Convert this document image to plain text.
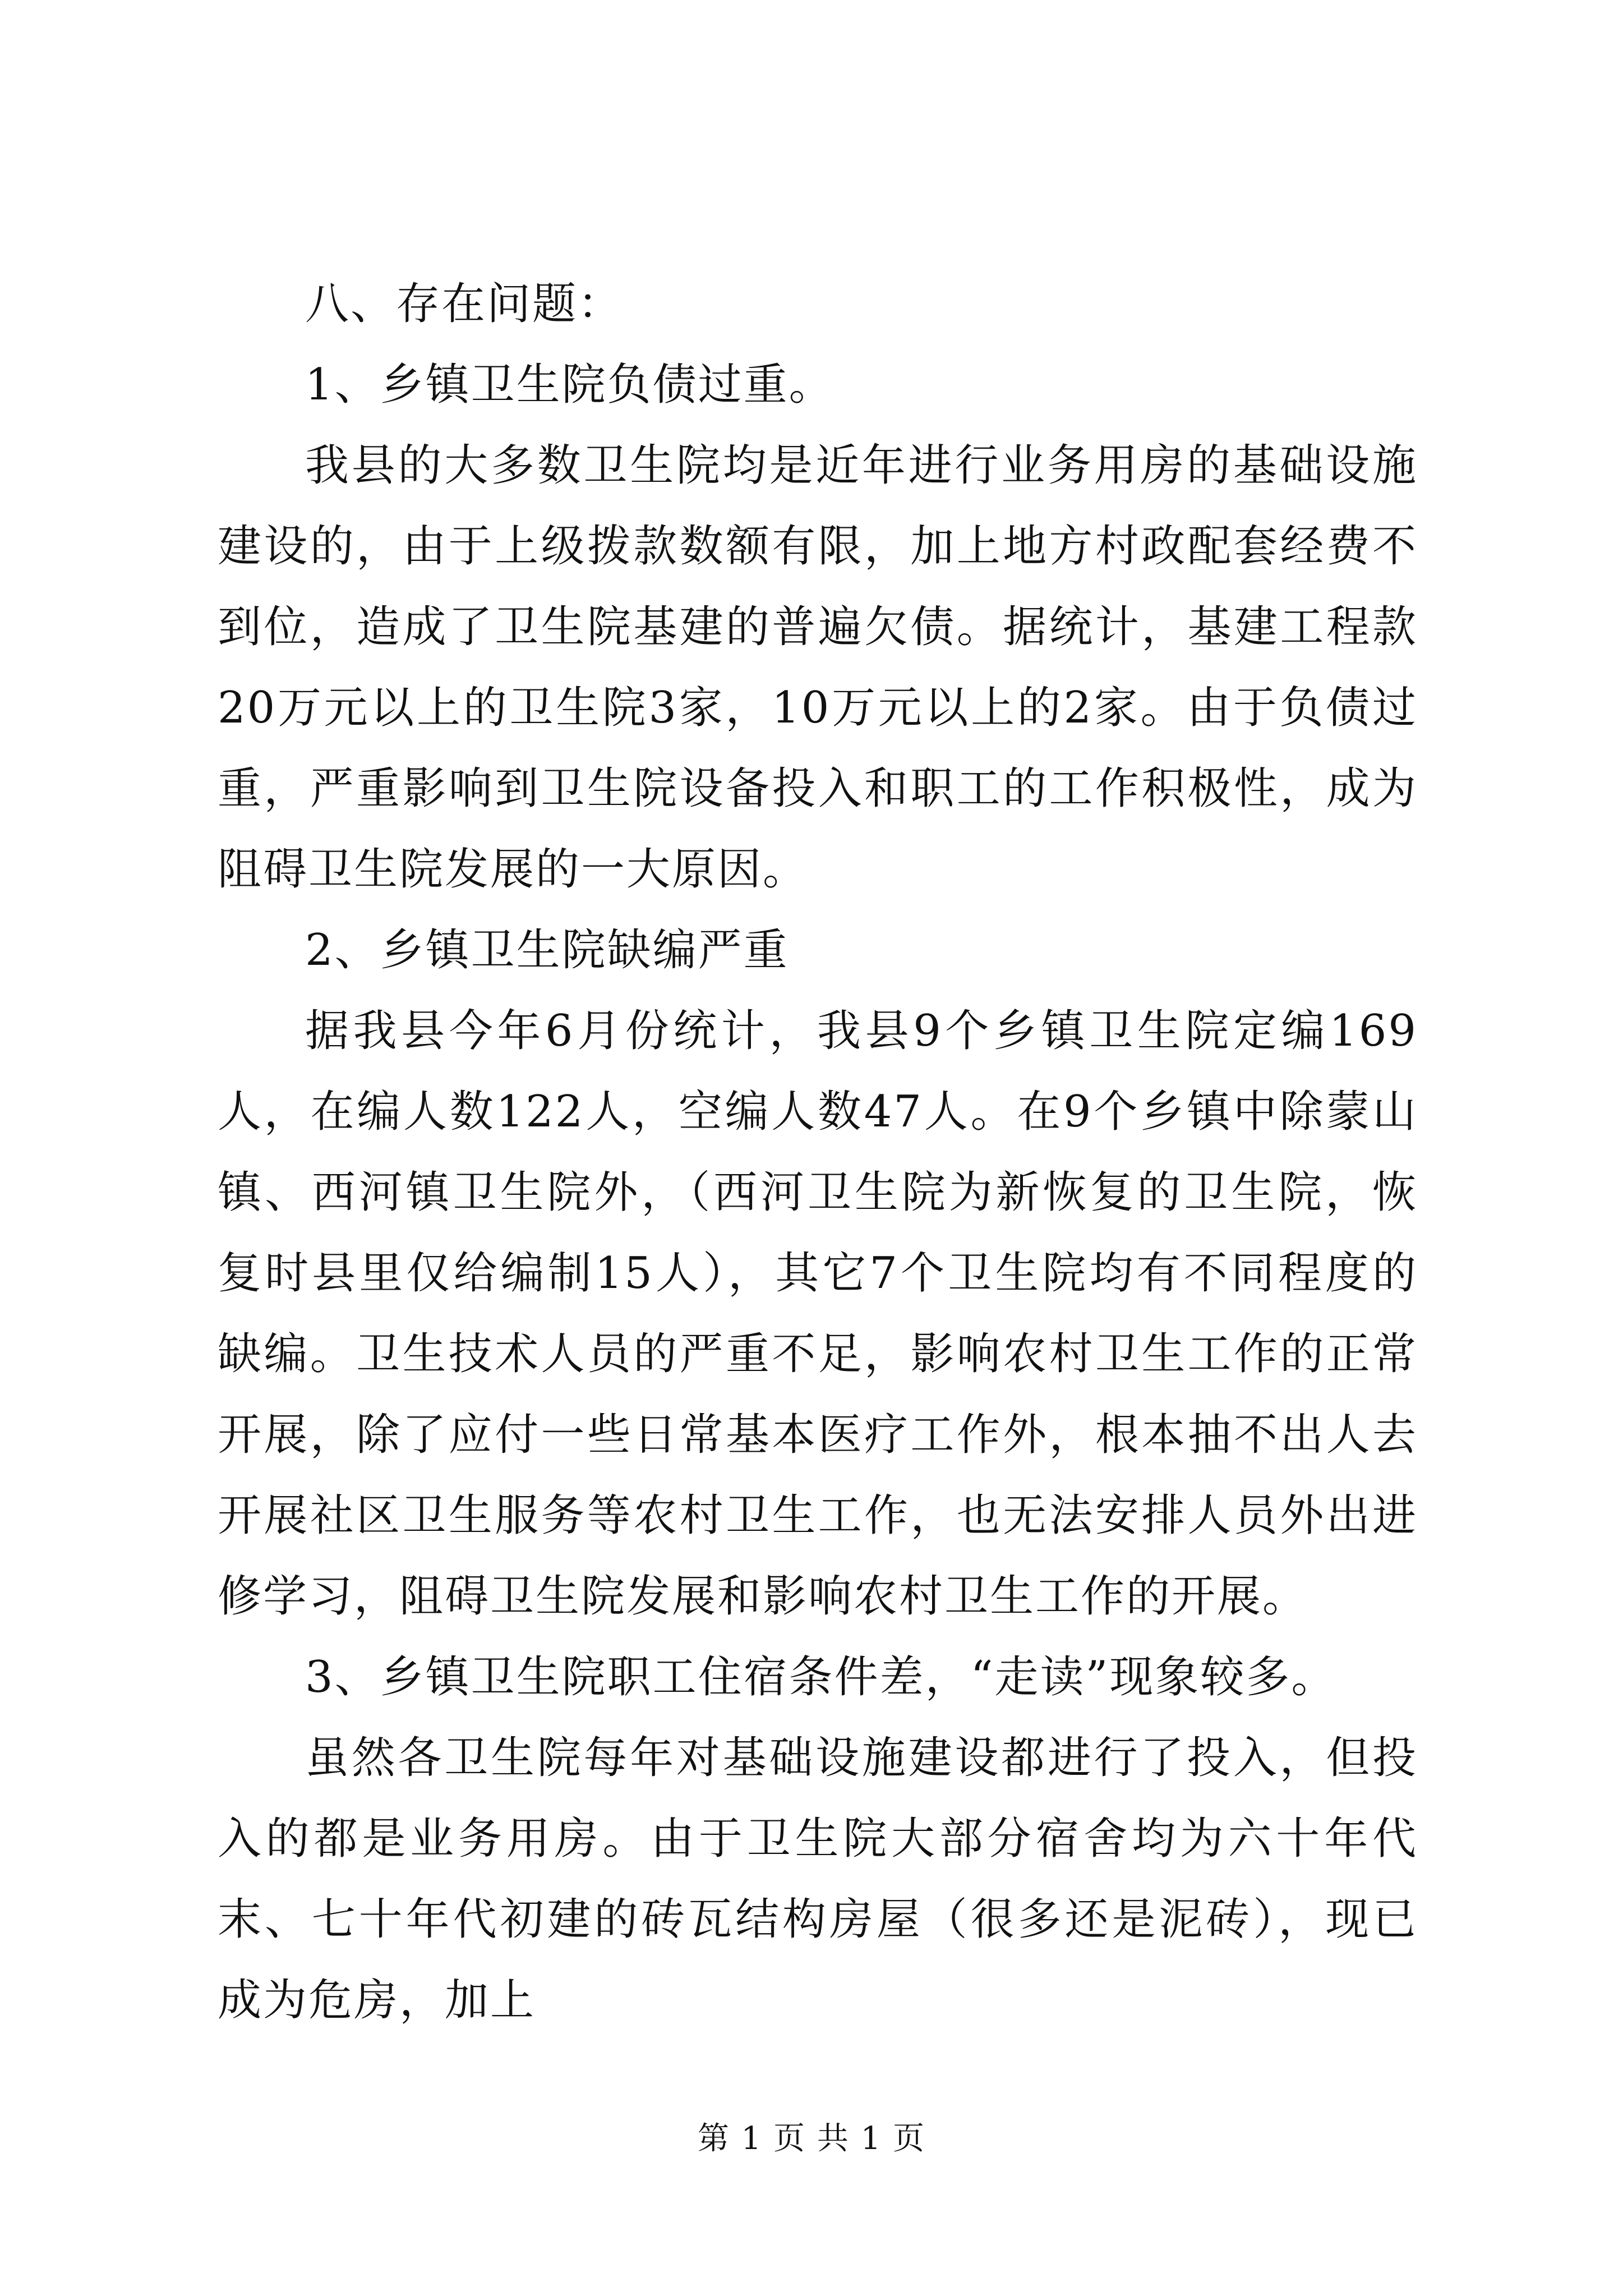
八、存在问题：

1、乡镇卫生院负债过重。

我县的大多数卫生院均是近年进行业务用房的基础设施建设的，由于上级拨款数额有限，加上地方村政配套经费不到位，造成了卫生院基建的普遍欠债。据统计，基建工程款20万元以上的卫生院3家，10万元以上的2家。由于负债过重，严重影响到卫生院设备投入和职工的工作积极性，成为阻碍卫生院发展的一大原因。

2、乡镇卫生院缺编严重

据我县今年6月份统计，我县9个乡镇卫生院定编169人，在编人数122人，空编人数47人。在9个乡镇中除蒙山镇、西河镇卫生院外，（西河卫生院为新恢复的卫生院，恢复时县里仅给编制15人），其它7个卫生院均有不同程度的缺编。卫生技术人员的严重不足，影响农村卫生工作的正常开展，除了应付一些日常基本医疗工作外，根本抽不出人去开展社区卫生服务等农村卫生工作，也无法安排人员外出进修学习，阻碍卫生院发展和影响农村卫生工作的开展。

3、乡镇卫生院职工住宿条件差，“走读”现象较多。

虽然各卫生院每年对基础设施建设都进行了投入，但投入的都是业务用房。由于卫生院大部分宿舍均为六十年代末、七十年代初建的砖瓦结构房屋（很多还是泥砖），现已成为危房，加上

第 1 页 共 1 页
